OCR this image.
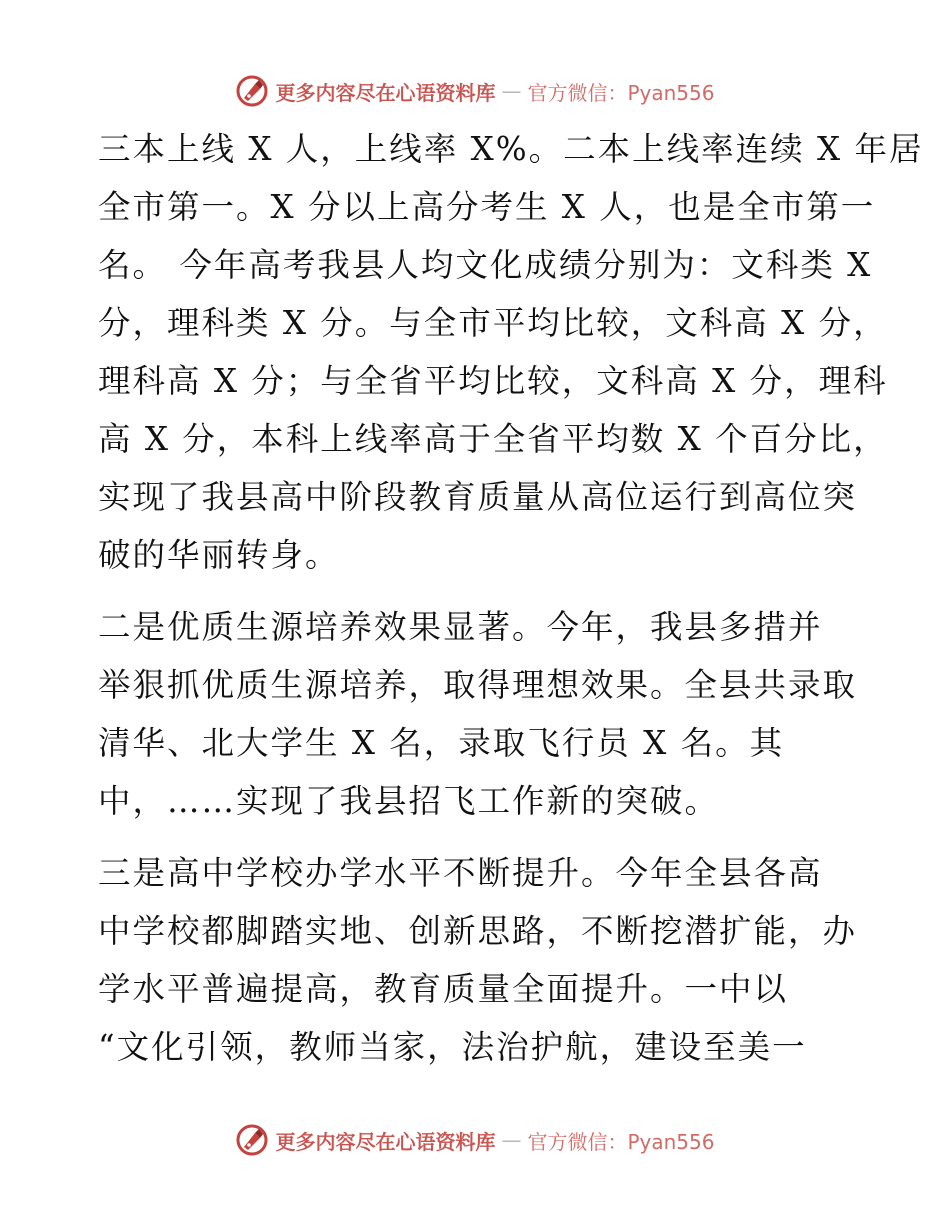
更多内容尽在心语资料库 — 官方微信：Pyan556
三本上线 X 人，上线率 X%。二本上线率连续 X 年居
全市第一。X 分以上高分考生 X 人，也是全市第一
名。 今年高考我县人均文化成绩分别为：文科类 X
分，理科类 X 分。与全市平均比较，文科高 X 分，
理科高 X 分；与全省平均比较，文科高 X 分，理科
高 X 分，本科上线率高于全省平均数 X 个百分比，
实现了我县高中阶段教育质量从高位运行到高位突
破的华丽转身。
二是优质生源培养效果显著。今年，我县多措并
举狠抓优质生源培养，取得理想效果。全县共录取
清华、北大学生 X 名，录取飞行员 X 名。其
中，……实现了我县招飞工作新的突破。
三是高中学校办学水平不断提升。今年全县各高
中学校都脚踏实地、创新思路，不断挖潜扩能，办
学水平普遍提高，教育质量全面提升。一中以
“文化引领，教师当家，法治护航，建设至美一
更多内容尽在心语资料库 — 官方微信：Pyan556
